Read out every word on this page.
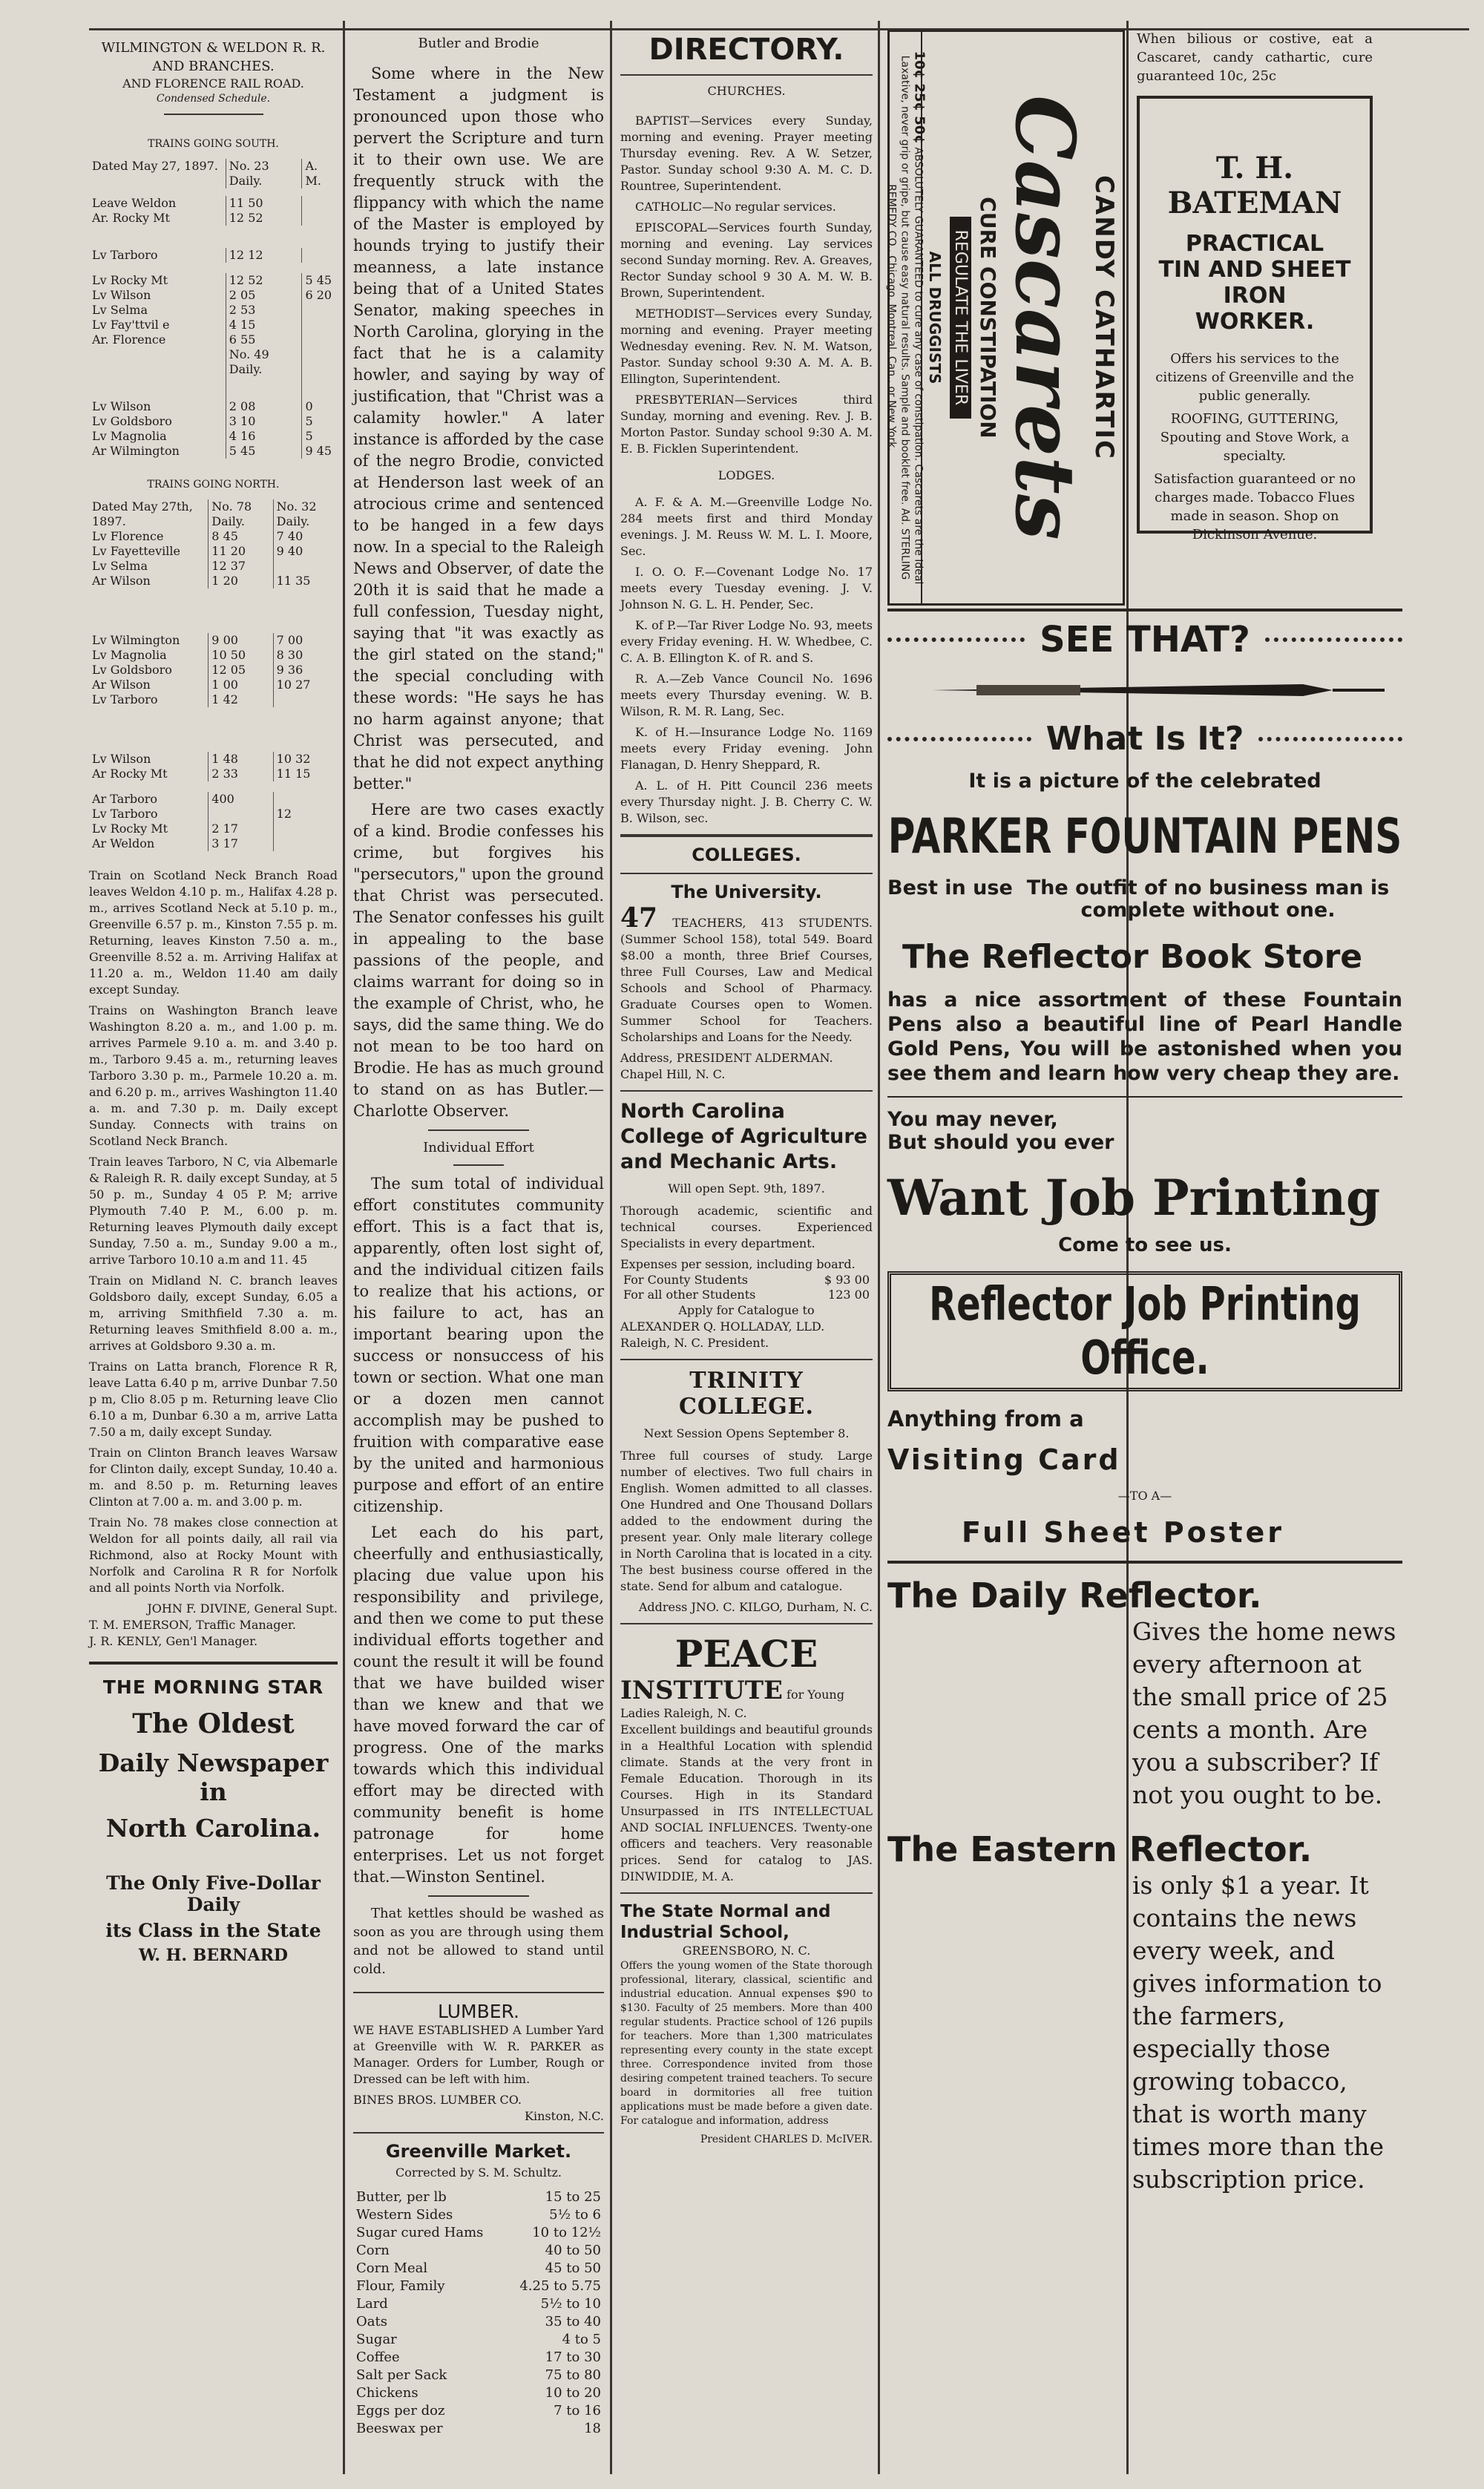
WILMINGTON & WELDON R. R.
AND BRANCHES.
AND FLORENCE RAIL ROAD.
Condensed Schedule.
TRAINS GOING SOUTH.
Dated May 27, 1897.	No. 23 Daily.	A. M.

Leave Weldon	11 50	
Ar. Rocky Mt	12 52	

Lv Tarboro	12 12	

Lv Rocky Mt	12 52	5 45
Lv Wilson	2 05	6 20
Lv Selma	2 53	
Lv Fay'ttvil e	4 15	
Ar. Florence	6 55	
	No. 49 Daily.	
Lv Wilson	2 08	0
Lv Goldsboro	3 10	5
Lv Magnolia	4 16	5
Ar Wilmington	5 45	9 45
TRAINS GOING NORTH.
Dated May 27th, 1897.	No. 78 Daily.	No. 32 Daily.
Lv Florence	8 45	7 40
Lv Fayetteville	11 20	9 40
Lv Selma	12 37	
Ar Wilson	1 20	11 35

Lv Wilmington	9 00	7 00
Lv Magnolia	10 50	8 30
Lv Goldsboro	12 05	9 36
Ar Wilson	1 00	10 27
Lv Tarboro	1 42	

Lv Wilson	1 48	10 32
Ar Rocky Mt	2 33	11 15

Ar Tarboro	400	
Lv Tarboro		12
Lv Rocky Mt	2 17	
Ar Weldon	3 17	

Train on Scotland Neck Branch Road leaves Weldon 4.10 p. m., Halifax 4.28 p. m., arrives Scotland Neck at 5.10 p. m., Greenville 6.57 p. m., Kinston 7.55 p. m. Returning, leaves Kinston 7.50 a. m., Greenville 8.52 a. m. Arriving Halifax at 11.20 a. m., Weldon 11.40 am daily except Sunday.

Trains on Washington Branch leave Washington 8.20 a. m., and 1.00 p. m. arrives Parmele 9.10 a. m. and 3.40 p. m., Tarboro 9.45 a. m., returning leaves Tarboro 3.30 p. m., Parmele 10.20 a. m. and 6.20 p. m., arrives Washington 11.40 a. m. and 7.30 p. m. Daily except Sunday. Connects with trains on Scotland Neck Branch.

Train leaves Tarboro, N C, via Albemarle & Raleigh R. R. daily except Sunday, at 5 50 p. m., Sunday 4 05 P. M; arrive Plymouth 7.40 P. M., 6.00 p. m. Returning leaves Plymouth daily except Sunday, 7.50 a. m., Sunday 9.00 a m., arrive Tarboro 10.10 a.m and 11. 45

Train on Midland N. C. branch leaves Goldsboro daily, except Sunday, 6.05 a m, arriving Smithfield 7.30 a. m. Returning leaves Smithfield 8.00 a. m., arrives at Goldsboro 9.30 a. m.

Trains on Latta branch, Florence R R, leave Latta 6.40 p m, arrive Dunbar 7.50 p m, Clio 8.05 p m. Returning leave Clio 6.10 a m, Dunbar 6.30 a m, arrive Latta 7.50 a m, daily except Sunday.

Train on Clinton Branch leaves Warsaw for Clinton daily, except Sunday, 10.40 a. m. and 8.50 p. m. Returning leaves Clinton at 7.00 a. m. and 3.00 p. m.

Train No. 78 makes close connection at Weldon for all points daily, all rail via Richmond, also at Rocky Mount with Norfolk and Carolina R R for Norfolk and all points North via Norfolk.

JOHN F. DIVINE, General Supt.
T. M. EMERSON, Traffic Manager.
J. R. KENLY, Gen'l Manager.
THE MORNING STAR
The Oldest
Daily Newspaper in
North Carolina.
The Only Five-Dollar Daily
its Class in the State
W. H. BERNARD
Butler and Brodie

Some where in the New Testament a judgment is pronounced upon those who pervert the Scripture and turn it to their own use. We are frequently struck with the flippancy with which the name of the Master is employed by hounds trying to justify their meanness, a late instance being that of a United States Senator, making speeches in North Carolina, glorying in the fact that he is a calamity howler, and saying by way of justification, that "Christ was a calamity howler." A later instance is afforded by the case of the negro Brodie, convicted at Henderson last week of an atrocious crime and sentenced to be hanged in a few days now. In a special to the Raleigh News and Observer, of date the 20th it is said that he made a full confession, Tuesday night, saying that "it was exactly as the girl stated on the stand;" the special concluding with these words: "He says he has no harm against anyone; that Christ was persecuted, and that he did not expect anything better."

Here are two cases exactly of a kind. Brodie confesses his crime, but forgives his "persecutors," upon the ground that Christ was persecuted. The Senator confesses his guilt in appealing to the base passions of the people, and claims warrant for doing so in the example of Christ, who, he says, did the same thing. We do not mean to be too hard on Brodie. He has as much ground to stand on as has Butler.—Charlotte Observer.

Individual Effort

The sum total of individual effort constitutes community effort. This is a fact that is, apparently, often lost sight of, and the individual citizen fails to realize that his actions, or his failure to act, has an important bearing upon the success or nonsuccess of his town or section. What one man or a dozen men cannot accomplish may be pushed to fruition with comparative ease by the united and harmonious purpose and effort of an entire citizenship.

Let each do his part, cheerfully and enthusiastically, placing due value upon his responsibility and privilege, and then we come to put these individual efforts together and count the result it will be found that we have builded wiser than we knew and that we have moved forward the car of progress. One of the marks towards which this individual effort may be directed with community benefit is home patronage for home enterprises. Let us not forget that.—Winston Sentinel.

That kettles should be washed as soon as you are through using them and not be allowed to stand until cold.

LUMBER.

WE HAVE ESTABLISHED A Lumber Yard at Greenville with W. R. PARKER as Manager. Orders for Lumber, Rough or Dressed can be left with him.

BINES BROS. LUMBER CO.
Kinston, N.C.
Greenville Market.
Corrected by S. M. Schultz.
Butter, per lb	15 to 25
Western Sides	5½ to 6
Sugar cured Hams	10 to 12½
Corn	40 to 50
Corn Meal	45 to 50
Flour, Family	4.25 to 5.75
Lard	5½ to 10
Oats	35 to 40
Sugar	4 to 5
Coffee	17 to 30
Salt per Sack	75 to 80
Chickens	10 to 20
Eggs per doz	7 to 16
Beeswax per	18
DIRECTORY.
CHURCHES.

BAPTIST—Services every Sunday, morning and evening. Prayer meeting Thursday evening. Rev. A W. Setzer, Pastor. Sunday school 9:30 A. M. C. D. Rountree, Superintendent.

CATHOLIC—No regular services.

EPISCOPAL—Services fourth Sunday, morning and evening. Lay services second Sunday morning. Rev. A. Greaves, Rector Sunday school 9 30 A. M. W. B. Brown, Superintendent.

METHODIST—Services every Sunday, morning and evening. Prayer meeting Wednesday evening. Rev. N. M. Watson, Pastor. Sunday school 9:30 A. M. A. B. Ellington, Superintendent.

PRESBYTERIAN—Services third Sunday, morning and evening. Rev. J. B. Morton Pastor. Sunday school 9:30 A. M. E. B. Ficklen Superintendent.

LODGES.

A. F. & A. M.—Greenville Lodge No. 284 meets first and third Monday evenings. J. M. Reuss W. M. L. I. Moore, Sec.

I. O. O. F.—Covenant Lodge No. 17 meets every Tuesday evening. J. V. Johnson N. G. L. H. Pender, Sec.

K. of P.—Tar River Lodge No. 93, meets every Friday evening. H. W. Whedbee, C. C. A. B. Ellington K. of R. and S.

R. A.—Zeb Vance Council No. 1696 meets every Thursday evening. W. B. Wilson, R. M. R. Lang, Sec.

K. of H.—Insurance Lodge No. 1169 meets every Friday evening. John Flanagan, D. Henry Sheppard, R.

A. L. of H. Pitt Council 236 meets every Thursday night. J. B. Cherry C. W. B. Wilson, sec.

COLLEGES.
The University.

47 TEACHERS, 413 STUDENTS. (Summer School 158), total 549. Board $8.00 a month, three Brief Courses, three Full Courses, Law and Medical Schools and School of Pharmacy. Graduate Courses open to Women. Summer School for Teachers. Scholarships and Loans for the Needy.

Address, PRESIDENT ALDERMAN. Chapel Hill, N. C.
North Carolina College of Agriculture and Mechanic Arts.
Will open Sept. 9th, 1897.

Thorough academic, scientific and technical courses. Experienced Specialists in every department.

Expenses per session, including board.
For County Students	$ 93 00
For all other Students	123 00
Apply for Catalogue to
ALEXANDER Q. HOLLADAY, LLD. Raleigh, N. C. President.
TRINITY COLLEGE.
Next Session Opens September 8.

Three full courses of study. Large number of electives. Two full chairs in English. Women admitted to all classes. One Hundred and One Thousand Dollars added to the endowment during the present year. Only male literary college in North Carolina that is located in a city. The best business course offered in the state. Send for album and catalogue.

Address JNO. C. KILGO, Durham, N. C.
PEACE
INSTITUTE for Young Ladies Raleigh, N. C.

Excellent buildings and beautiful grounds in a Healthful Location with splendid climate. Stands at the very front in Female Education. Thorough in its Courses. High in its Standard Unsurpassed in ITS INTELLECTUAL AND SOCIAL INFLUENCES. Twenty-one officers and teachers. Very reasonable prices. Send for catalog to JAS. DINWIDDIE, M. A.

The State Normal and Industrial School,
GREENSBORO, N. C.

Offers the young women of the State thorough professional, literary, classical, scientific and industrial education. Annual expenses $90 to $130. Faculty of 25 members. More than 400 regular students. Practice school of 126 pupils for teachers. More than 1,300 matriculates representing every county in the state except three. Correspondence invited from those desiring competent trained teachers. To secure board in dormitories all free tuition applications must be made before a given date. For catalogue and information, address

President CHARLES D. McIVER.
10¢ 25¢ 50¢ ABSOLUTELY GUARANTEED to cure any case of constipation. Cascarets are the Ideal Laxative, never grip or gripe, but cause easy natural results. Sample and booklet free. Ad. STERLING REMEDY CO., Chicago, Montreal, Can., or New York.	CANDY CATHARTIC
Cascarets
CURE CONSTIPATION
REGULATE THE LIVER
ALL DRUGGISTS

When bilious or costive, eat a Cascaret, candy cathartic, cure guaranteed 10c, 25c

T. H. BATEMAN
PRACTICAL
TIN AND SHEET IRON
WORKER.

Offers his services to the citizens of Greenville and the public generally.

ROOFING, GUTTERING, Spouting and Stove Work, a specialty.

Satisfaction guaranteed or no charges made. Tobacco Flues made in season. Shop on Dickinson Avenue.

SEE THAT?
What Is It?
It is a picture of the celebrated
PARKER FOUNTAIN PENS
Best in use The outfit of no business man is complete without one.
The Reflector Book Store

has a nice assortment of these Fountain Pens also a beautiful line of Pearl Handle Gold Pens, You will be astonished when you see them and learn how very cheap they are.

You may never,
But should you ever
Want Job Printing
Come to see us.
Reflector Job Printing Office.
Anything from a
Visiting Card
—TO A—
Full Sheet Poster
The Daily Reflector.

Gives the home news every afternoon at the small price of 25 cents a month. Are you a subscriber? If not you ought to be.

The Eastern Reflector.

is only $1 a year. It contains the news every week, and gives information to the farmers, especially those growing tobacco, that is worth many times more than the subscription price.
